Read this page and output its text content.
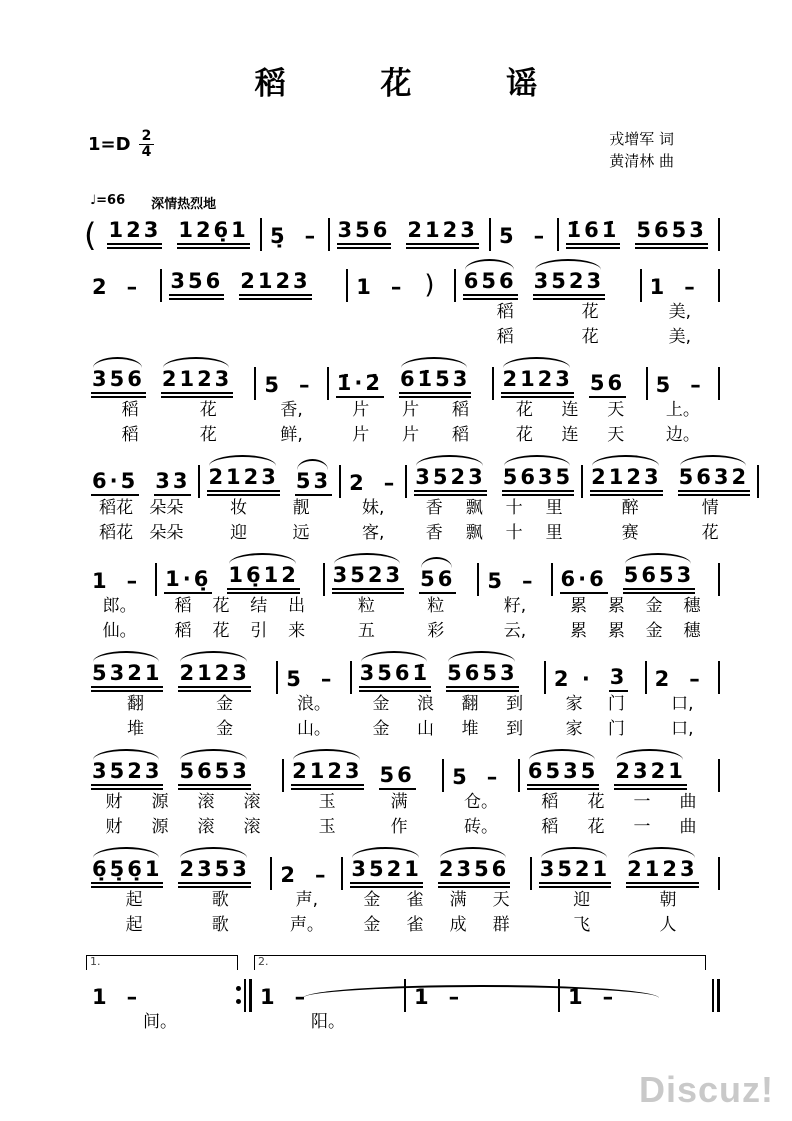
稻 花 谣
$1=D \frac{2}{4}$	戎增军 词
黄清林 曲
♩=66 深情热烈地
( 123 126̣1 5̣ – 356 2123 5 – 1̇61̇ 5653
2 – 356 2123 1 – ) 656 3523
稻	花
稻	花
1 –
美,
美,
356 2123
稻	花
稻	花
5 –
香,
鲜,
1̇·2̇ 61̇53
片 片 稻
片 片 稻
2123 56
花 连 天
花 连 天
5 –
上。
边。
6·5 33
稻花 朵朵
稻花 朵朵
2123 53
妆	靓
迎	远
2 –
妹,
客,
3523 5635
香 飘 十 里
香 飘 十 里
2123 5632
醉	情
赛	花
1 –
郎。
仙。
1·6̣ 16̣12
稻 花 结 出
稻 花 引 来
3523 56
粒	粒
五	彩
5 –
籽,
云,
6·6 5653
累 累 金 穗
累 累 金 穗
5321 2123
翻	金
堆	金
5 –
浪。
山。
3561̇ 5653
金 浪 翻 到
金 山 堆 到
2 · 3
家 门
家 门
2 –
口,
口,
3523 5653
财 源 滚 滚
财 源 滚 滚
2123 56
玉	满
玉	作
5 –
仓。
砖。
6535 2321
稻 花 一 曲
稻 花 一 曲
6̣5̣6̣1 2353
起	歌
起	歌
2 –
声,
声。
3521 2356
金 雀 满 天
金 雀 成 群
3521 2123
迎	朝
飞	人
1.
1 –
间。
2.
1 –
阳。
1 –	1 –
Discuz!
